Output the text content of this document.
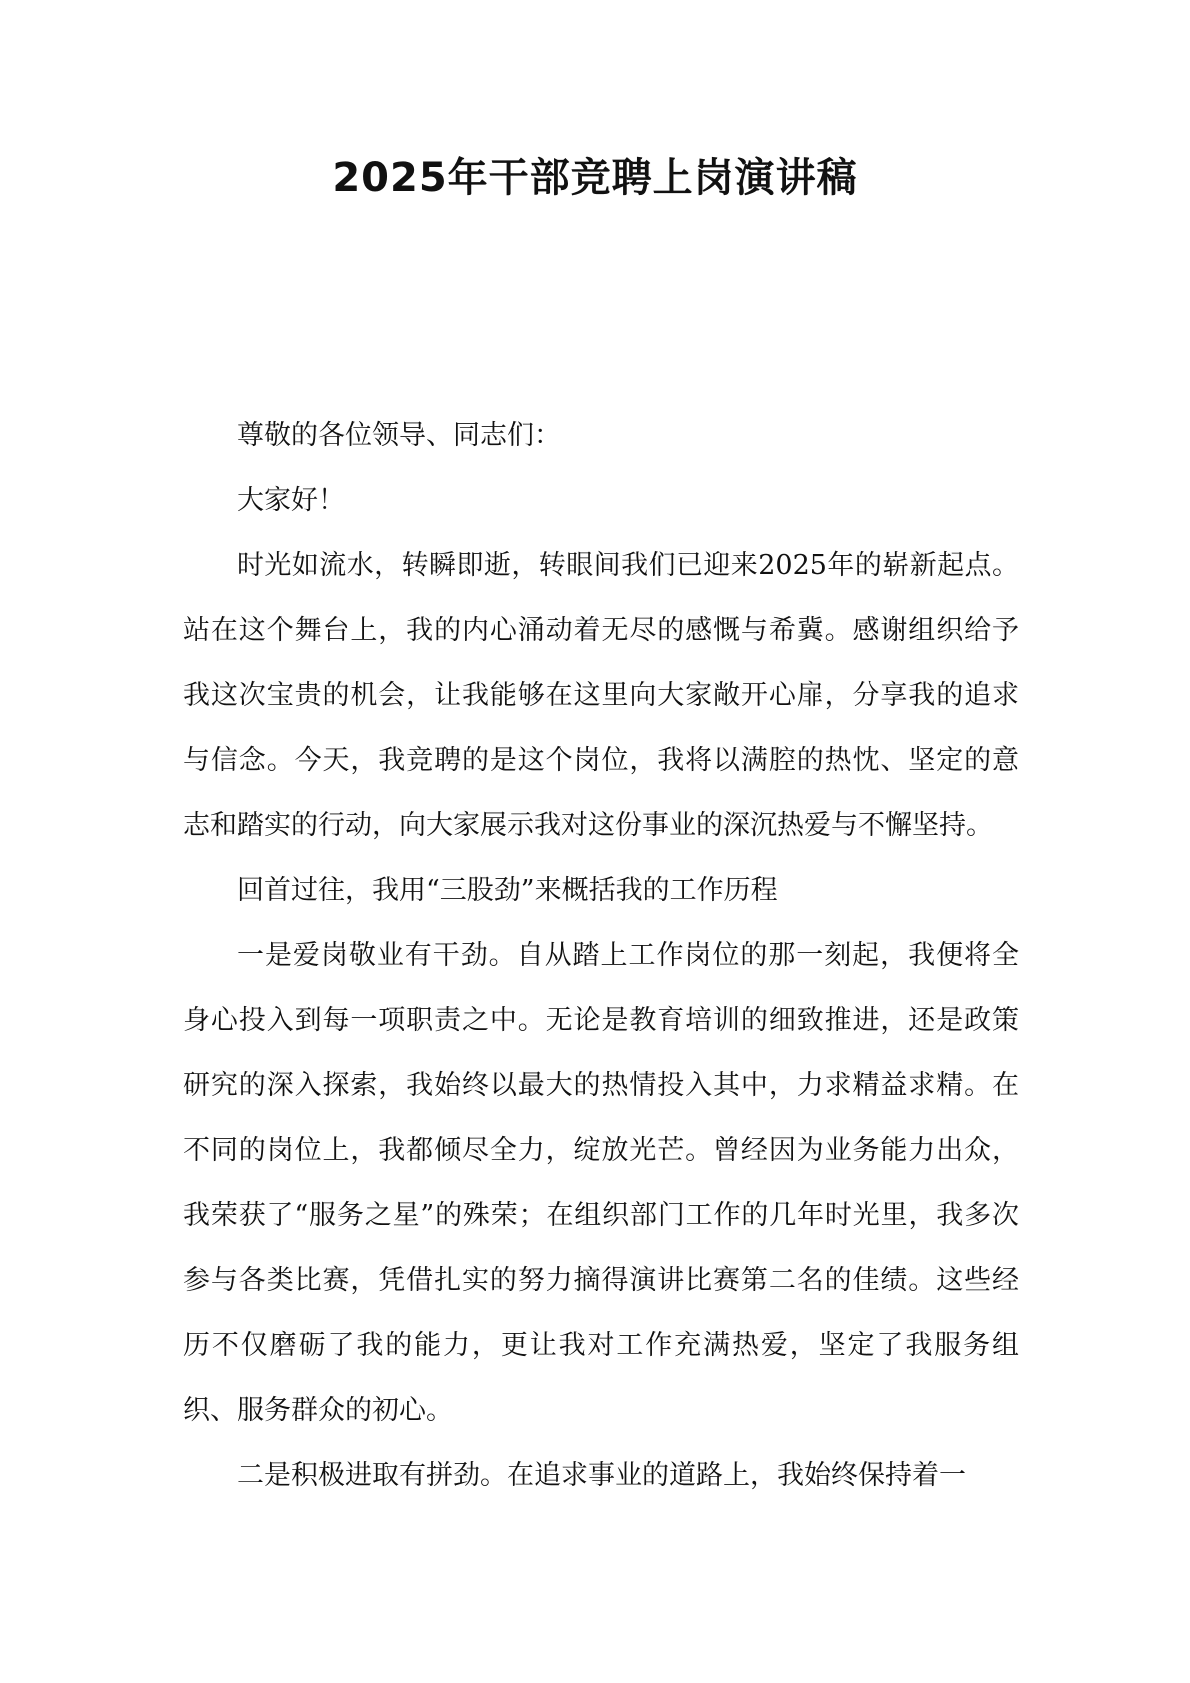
2025年干部竞聘上岗演讲稿

尊敬的各位领导、同志们：

大家好！

时光如流水，转瞬即逝，转眼间我们已迎来2025年的崭新起点。站在这个舞台上，我的内心涌动着无尽的感慨与希冀。感谢组织给予我这次宝贵的机会，让我能够在这里向大家敞开心扉，分享我的追求与信念。今天，我竞聘的是这个岗位，我将以满腔的热忱、坚定的意志和踏实的行动，向大家展示我对这份事业的深沉热爱与不懈坚持。

回首过往，我用“三股劲”来概括我的工作历程

一是爱岗敬业有干劲。自从踏上工作岗位的那一刻起，我便将全身心投入到每一项职责之中。无论是教育培训的细致推进，还是政策研究的深入探索，我始终以最大的热情投入其中，力求精益求精。在不同的岗位上，我都倾尽全力，绽放光芒。曾经因为业务能力出众，我荣获了“服务之星”的殊荣；在组织部门工作的几年时光里，我多次参与各类比赛，凭借扎实的努力摘得演讲比赛第二名的佳绩。这些经历不仅磨砺了我的能力，更让我对工作充满热爱，坚定了我服务组织、服务群众的初心。

二是积极进取有拼劲。在追求事业的道路上，我始终保持着一
